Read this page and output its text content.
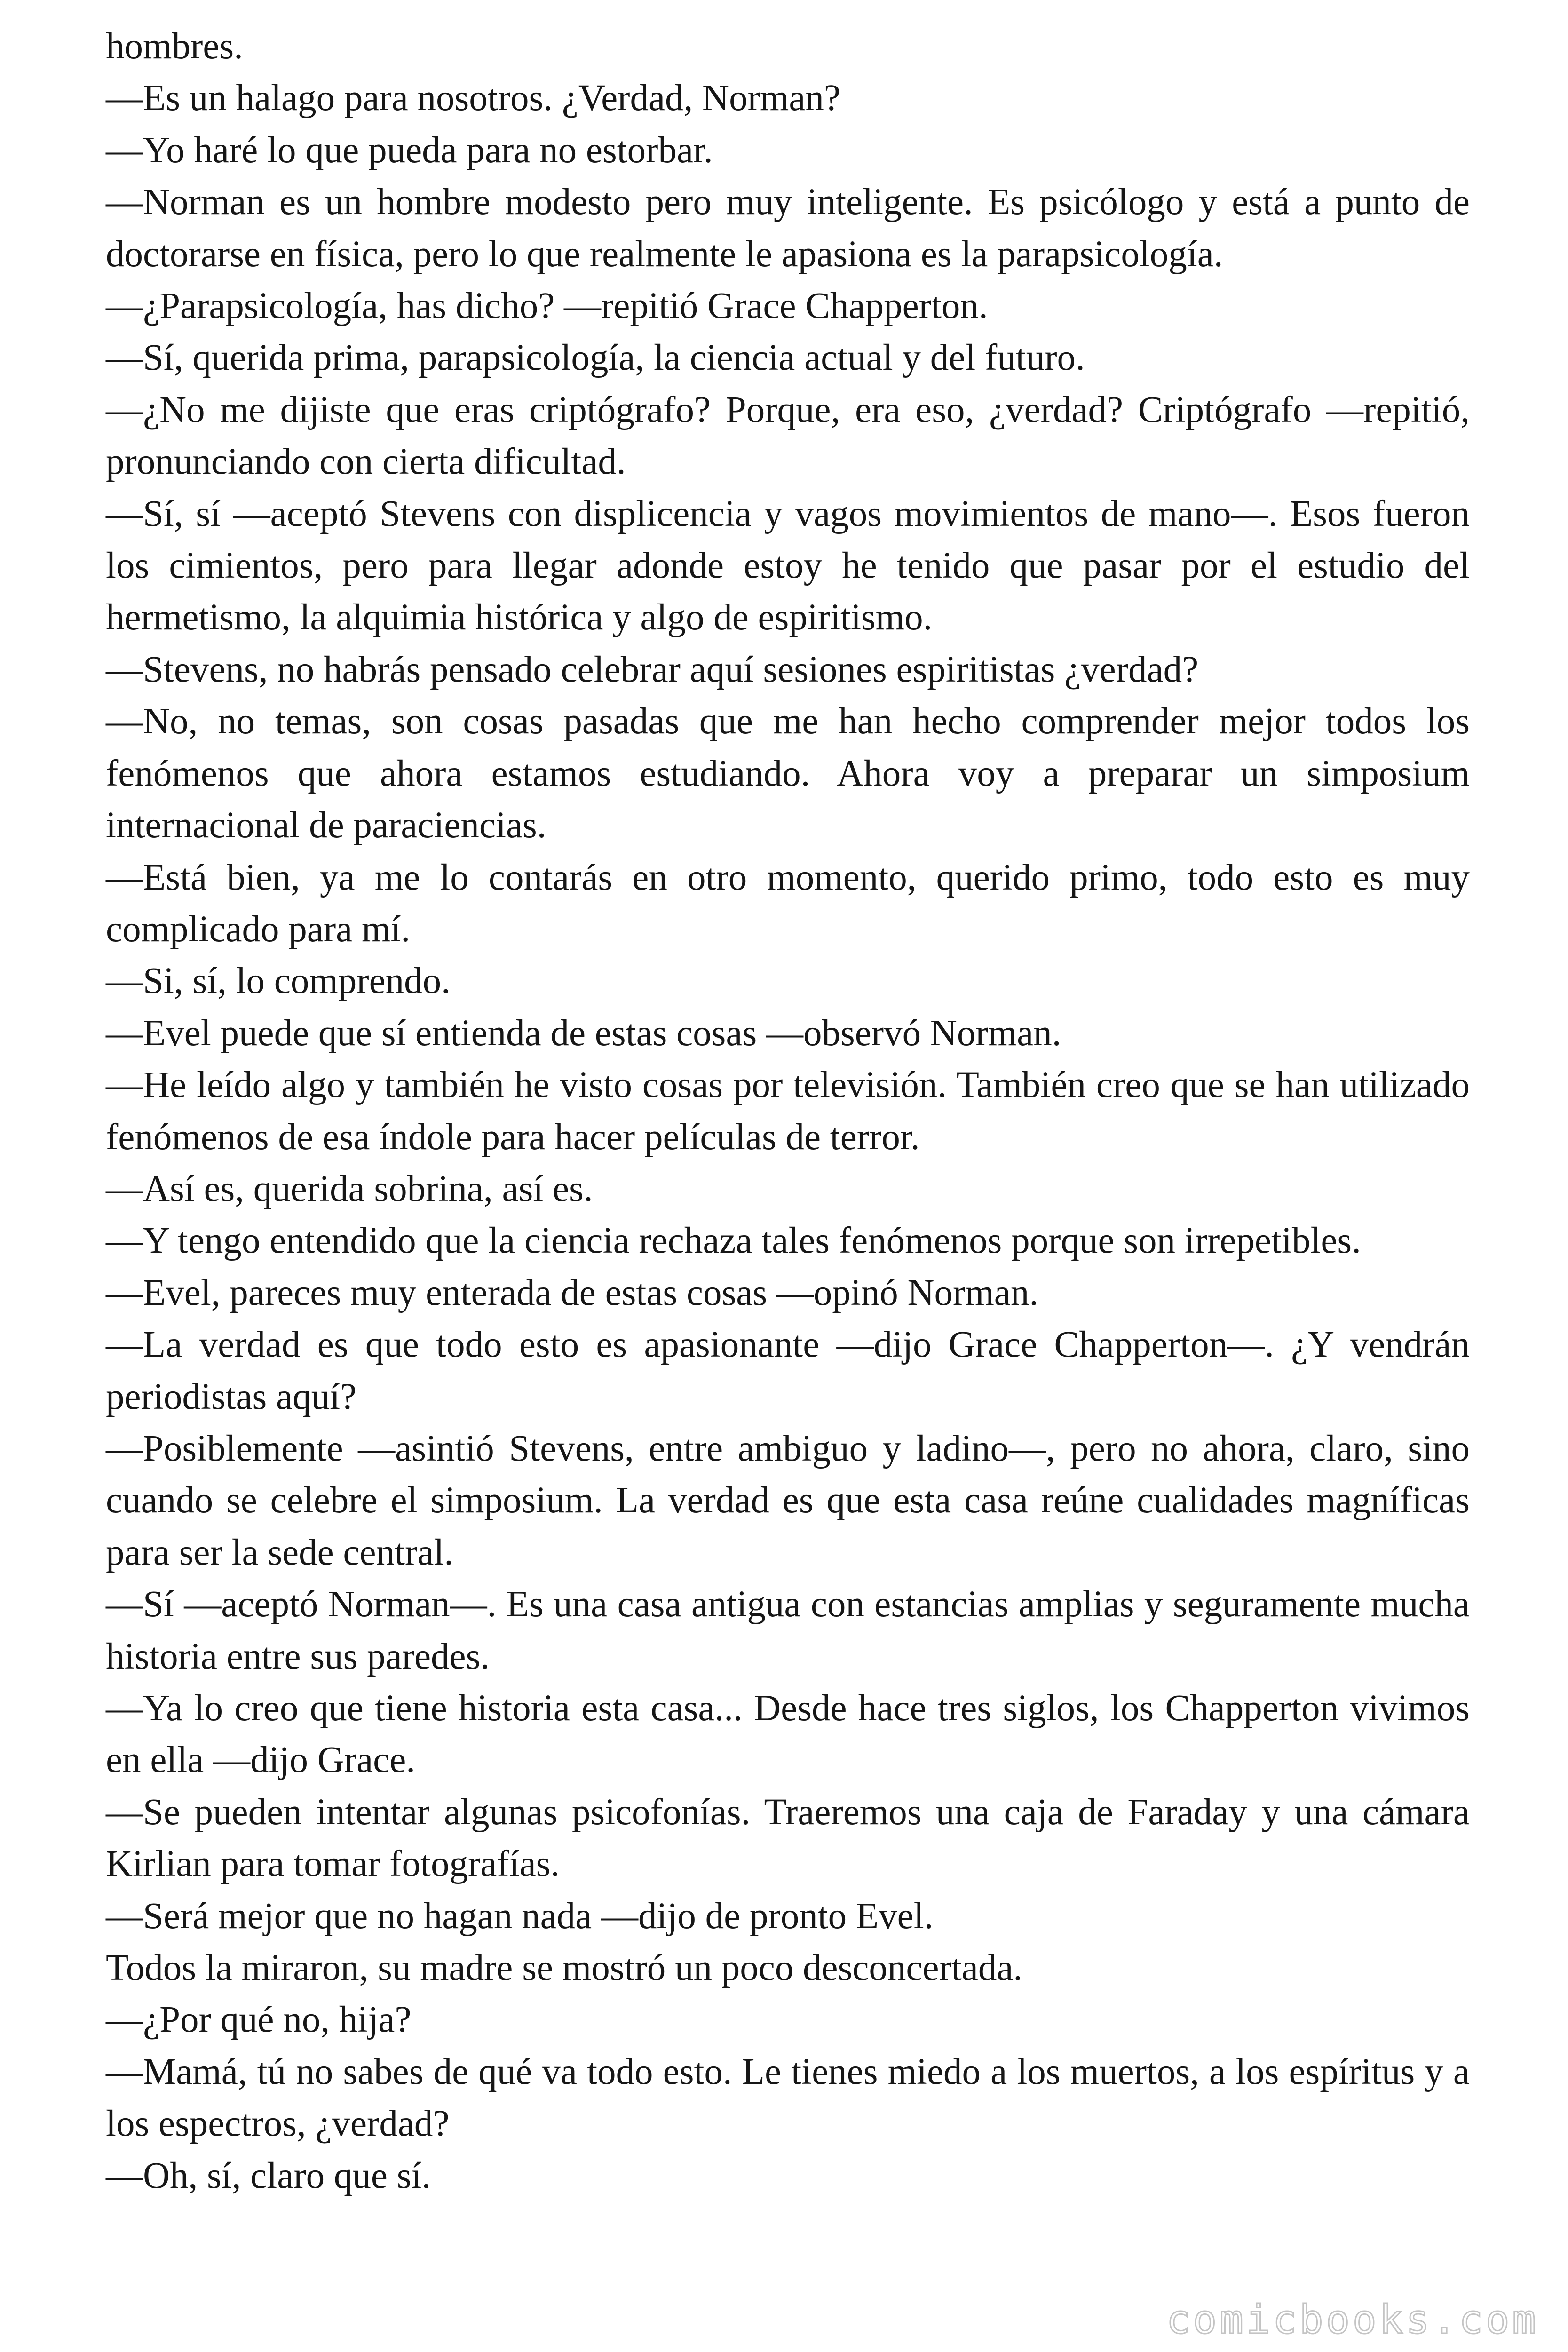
hombres.

—Es un halago para nosotros. ¿Verdad, Norman?

—Yo haré lo que pueda para no estorbar.

—Norman es un hombre modesto pero muy inteligente. Es psicólogo y está a punto de doctorarse en física, pero lo que realmente le apasiona es la parapsicología.

—¿Parapsicología, has dicho? —repitió Grace Chapperton.

—Sí, querida prima, parapsicología, la ciencia actual y del futuro.

—¿No me dijiste que eras criptógrafo? Porque, era eso, ¿verdad? Criptógrafo —repitió, pronunciando con cierta dificultad.

—Sí, sí —aceptó Stevens con displicencia y vagos movimientos de mano—. Esos fueron los cimientos, pero para llegar adonde estoy he tenido que pasar por el estudio del hermetismo, la alquimia histórica y algo de espiritismo.

—Stevens, no habrás pensado celebrar aquí sesiones espiritistas ¿verdad?

—No, no temas, son cosas pasadas que me han hecho comprender mejor todos los fenómenos que ahora estamos estudiando. Ahora voy a preparar un simposium internacional de paraciencias.

—Está bien, ya me lo contarás en otro momento, querido primo, todo esto es muy complicado para mí.

—Si, sí, lo comprendo.

—Evel puede que sí entienda de estas cosas —observó Norman.

—He leído algo y también he visto cosas por televisión. También creo que se han utilizado fenómenos de esa índole para hacer películas de terror.

—Así es, querida sobrina, así es.

—Y tengo entendido que la ciencia rechaza tales fenómenos porque son irrepetibles.

—Evel, pareces muy enterada de estas cosas —opinó Norman.

—La verdad es que todo esto es apasionante —dijo Grace Chapperton—. ¿Y vendrán periodistas aquí?

—Posiblemente —asintió Stevens, entre ambiguo y ladino—, pero no ahora, claro, sino cuando se celebre el simposium. La verdad es que esta casa reúne cualidades magníficas para ser la sede central.

—Sí —aceptó Norman—. Es una casa antigua con estancias amplias y seguramente mucha historia entre sus paredes.

—Ya lo creo que tiene historia esta casa... Desde hace tres siglos, los Chapperton vivimos en ella —dijo Grace.

—Se pueden intentar algunas psicofonías. Traeremos una caja de Faraday y una cámara Kirlian para tomar fotografías.

—Será mejor que no hagan nada —dijo de pronto Evel.

Todos la miraron, su madre se mostró un poco desconcertada.

—¿Por qué no, hija?

—Mamá, tú no sabes de qué va todo esto. Le tienes miedo a los muertos, a los espíritus y a los espectros, ¿verdad?

—Oh, sí, claro que sí.

comicbooks.com
